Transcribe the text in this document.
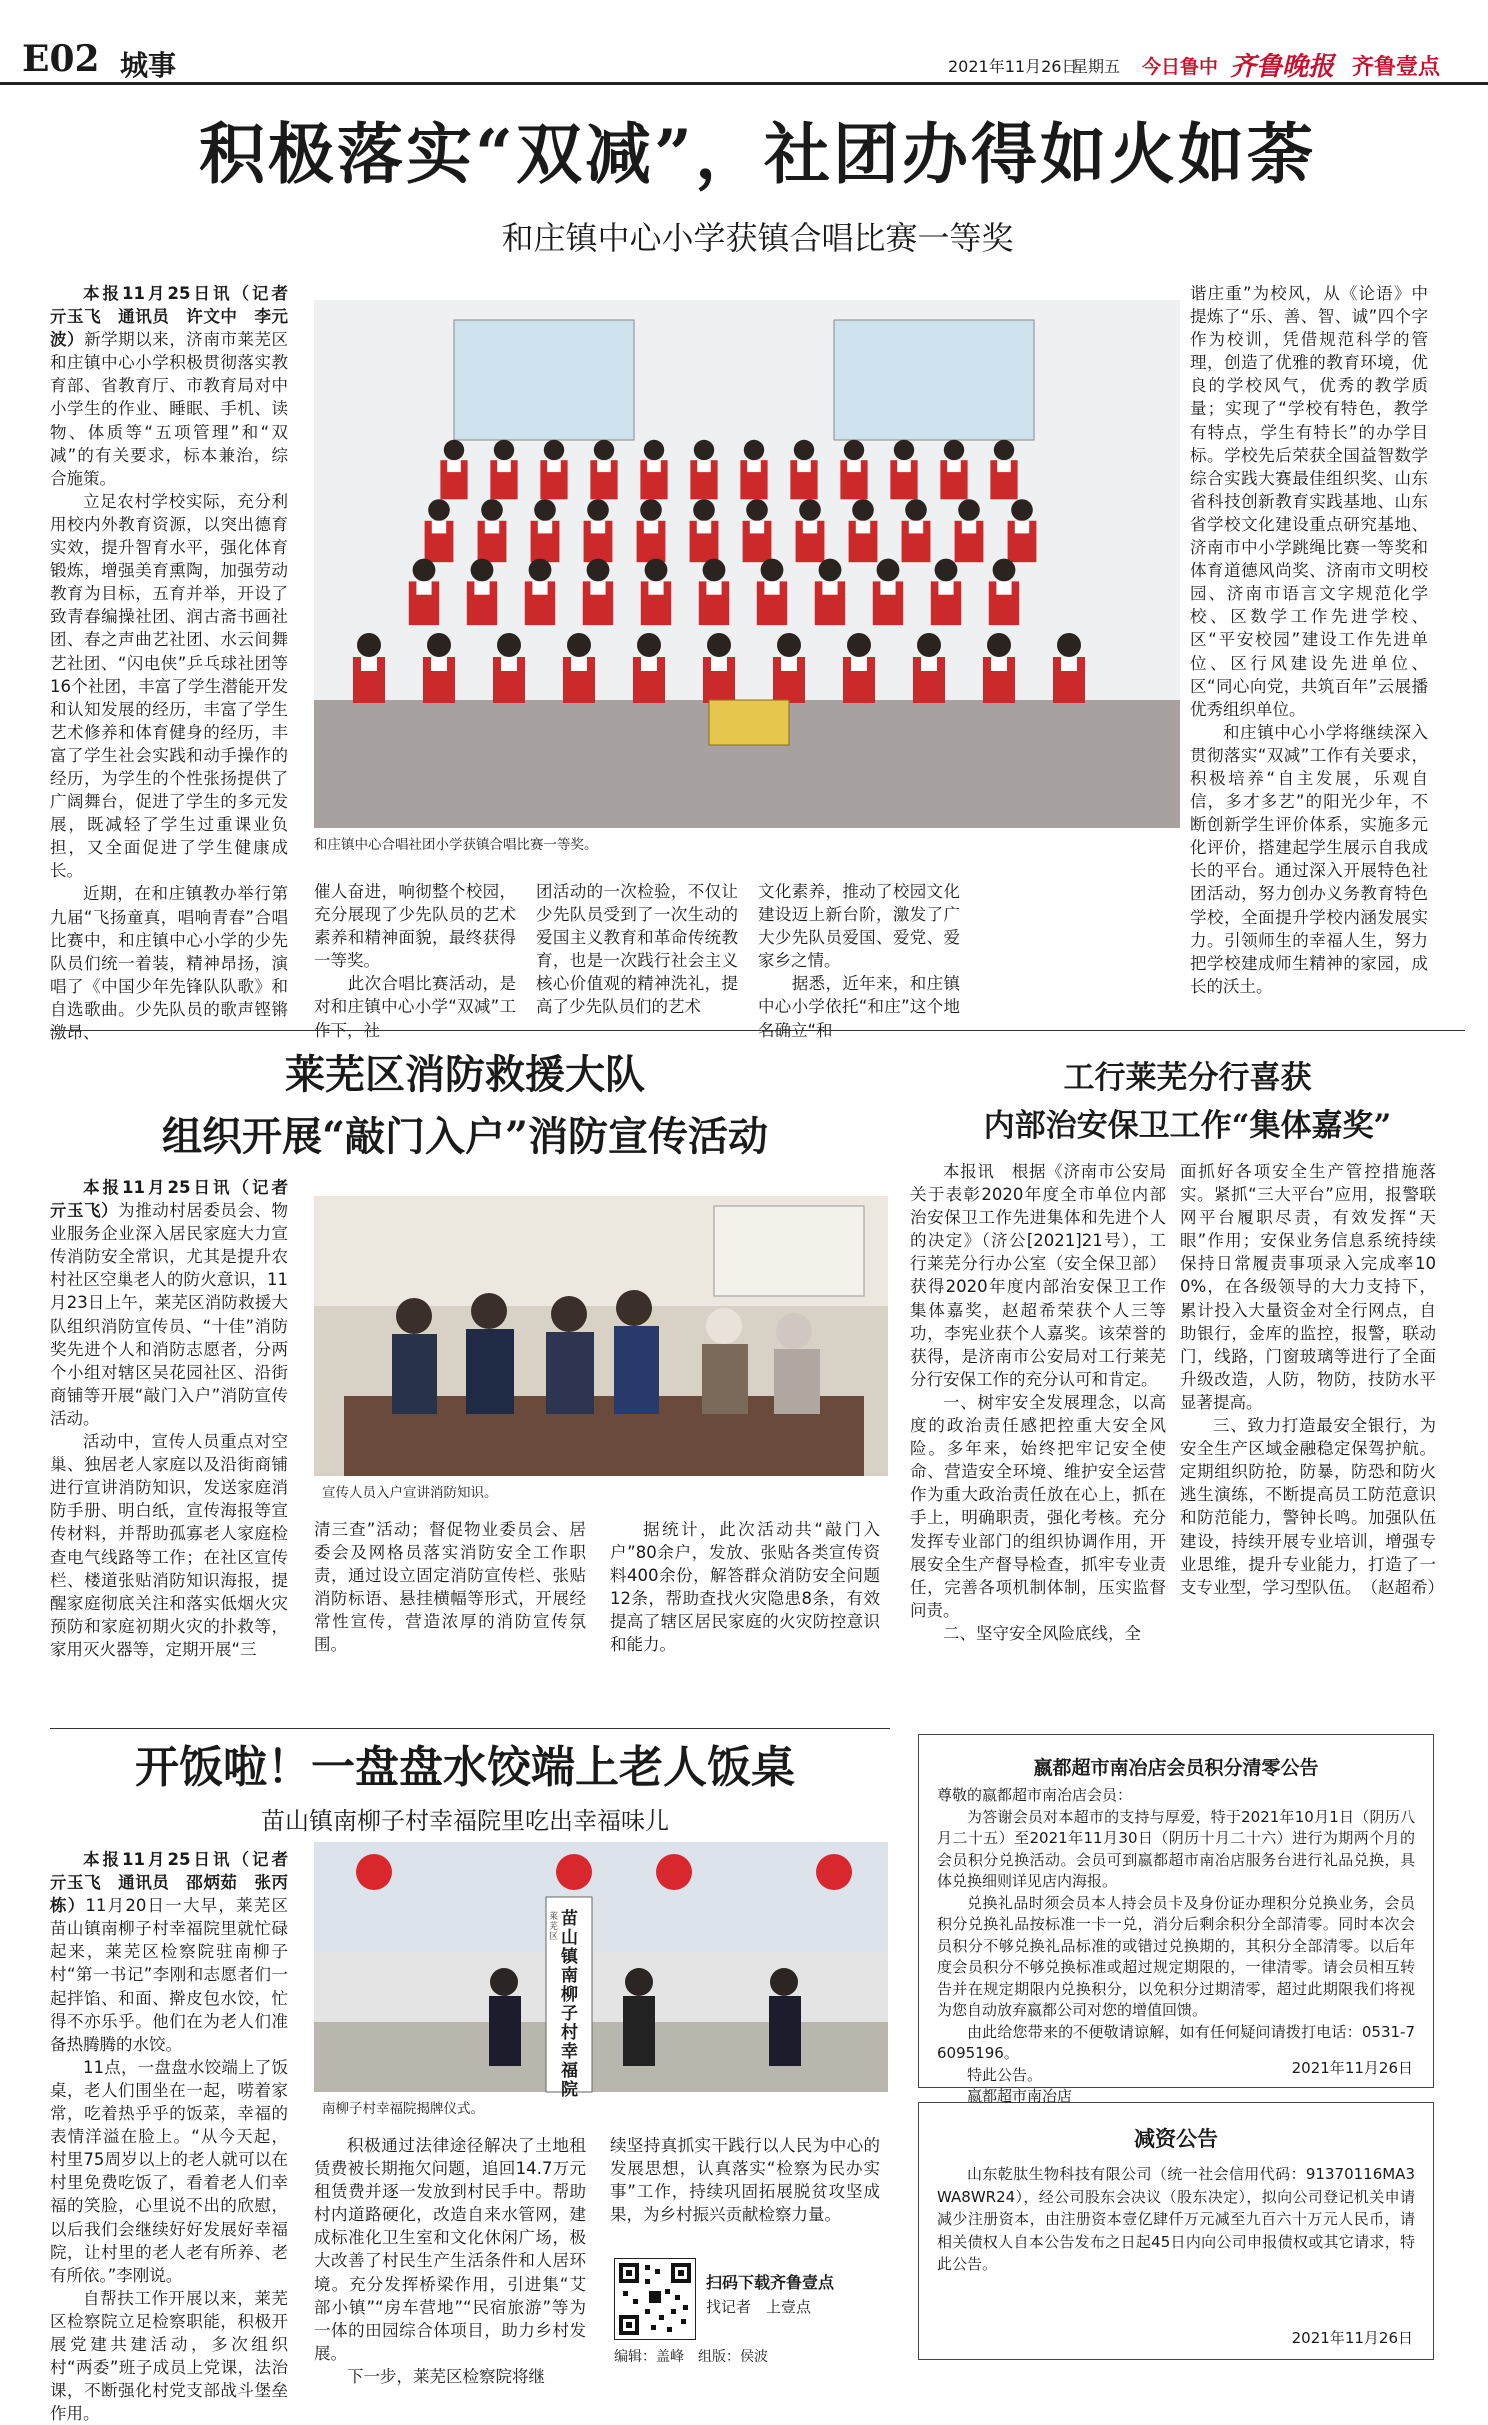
E02 城事	2021年11月26日
星期五 今日鲁中 齐鲁晚报 齐鲁壹点
积极落实“双减”，社团办得如火如荼
和庄镇中心小学获镇合唱比赛一等奖

本报11月25日讯（记者　亓玉飞　通讯员　许文中　李元波）新学期以来，济南市莱芜区和庄镇中心小学积极贯彻落实教育部、省教育厅、市教育局对中小学生的作业、睡眠、手机、读物、体质等“五项管理”和“双减”的有关要求，标本兼治，综合施策。

立足农村学校实际，充分利用校内外教育资源，以突出德育实效，提升智育水平，强化体育锻炼，增强美育熏陶，加强劳动教育为目标，五育并举，开设了致青春编操社团、润古斋书画社团、春之声曲艺社团、水云间舞艺社团、“闪电侠”乒乓球社团等16个社团，丰富了学生潜能开发和认知发展的经历，丰富了学生艺术修养和体育健身的经历，丰富了学生社会实践和动手操作的经历，为学生的个性张扬提供了广阔舞台，促进了学生的多元发展，既减轻了学生过重课业负担，又全面促进了学生健康成长。

近期，在和庄镇教办举行第九届“飞扬童真，唱响青春”合唱比赛中，和庄镇中心小学的少先队员们统一着装，精神昂扬，演唱了《中国少年先锋队队歌》和自选歌曲。少先队员的歌声铿锵激昂、

和庄镇中心合唱社团小学获镇合唱比赛一等奖。
催人奋进，响彻整个校园，充分展现了少先队员的艺术素养和精神面貌，最终获得一等奖。
　　此次合唱比赛活动，是对和庄镇中心小学“双减”工作下，社
团活动的一次检验，不仅让少先队员受到了一次生动的爱国主义教育和革命传统教育，也是一次践行社会主义核心价值观的精神洗礼，提高了少先队员们的艺术
文化素养，推动了校园文化建设迈上新台阶，激发了广大少先队员爱国、爱党、爱家乡之情。
　　据悉，近年来，和庄镇中心小学依托“和庄”这个地名确立“和

谐庄重”为校风，从《论语》中提炼了“乐、善、智、诚”四个字作为校训，凭借规范科学的管理，创造了优雅的教育环境，优良的学校风气，优秀的教学质量；实现了“学校有特色，教学有特点，学生有特长”的办学目标。学校先后荣获全国益智数学综合实践大赛最佳组织奖、山东省科技创新教育实践基地、山东省学校文化建设重点研究基地、济南市中小学跳绳比赛一等奖和体育道德风尚奖、济南市文明校园、济南市语言文字规范化学校、区数学工作先进学校、区“平安校园”建设工作先进单位、区行风建设先进单位、区“同心向党，共筑百年”云展播优秀组织单位。

和庄镇中心小学将继续深入贯彻落实“双减”工作有关要求，积极培养“自主发展，乐观自信，多才多艺”的阳光少年，不断创新学生评价体系，实施多元化评价，搭建起学生展示自我成长的平台。通过深入开展特色社团活动，努力创办义务教育特色学校，全面提升学校内涵发展实力。引领师生的幸福人生，努力把学校建成师生精神的家园，成长的沃土。

莱芜区消防救援大队
组织开展“敲门入户”消防宣传活动

本报11月25日讯（记者　亓玉飞）为推动村居委员会、物业服务企业深入居民家庭大力宣传消防安全常识，尤其是提升农村社区空巢老人的防火意识，11月23日上午，莱芜区消防救援大队组织消防宣传员、“十佳”消防奖先进个人和消防志愿者，分两个小组对辖区吴花园社区、沿街商铺等开展“敲门入户”消防宣传活动。

活动中，宣传人员重点对空巢、独居老人家庭以及沿街商铺进行宣讲消防知识，发送家庭消防手册、明白纸，宣传海报等宣传材料，并帮助孤寡老人家庭检查电气线路等工作；在社区宣传栏、楼道张贴消防知识海报，提醒家庭彻底关注和落实低烟火灾预防和家庭初期火灾的扑救等，家用灭火器等，定期开展“三

宣传人员入户宣讲消防知识。
清三查”活动；督促物业委员会、居委会及网格员落实消防安全工作职责，通过设立固定消防宣传栏、张贴消防标语、悬挂横幅等形式，开展经常性宣传，营造浓厚的消防宣传氛围。

据统计，此次活动共“敲门入户”80余户，发放、张贴各类宣传资料400余份，解答群众消防安全问题12条，帮助查找火灾隐患8条，有效提高了辖区居民家庭的火灾防控意识和能力。

工行莱芜分行喜获
内部治安保卫工作“集体嘉奖”

本报讯　根据《济南市公安局关于表彰2020年度全市单位内部治安保卫工作先进集体和先进个人的决定》（济公[2021]21号），工行莱芜分行办公室（安全保卫部）获得2020年度内部治安保卫工作集体嘉奖，赵超希荣获个人三等功，李宪业获个人嘉奖。该荣誉的获得，是济南市公安局对工行莱芜分行安保工作的充分认可和肯定。

一、树牢安全发展理念，以高度的政治责任感把控重大安全风险。多年来，始终把牢记安全使命、营造安全环境、维护安全运营作为重大政治责任放在心上，抓在手上，明确职责，强化考核。充分发挥专业部门的组织协调作用，开展安全生产督导检查，抓牢专业责任，完善各项机制体制，压实监督问责。

二、坚守安全风险底线，全

面抓好各项安全生产管控措施落实。紧抓“三大平台”应用，报警联网平台履职尽责，有效发挥“天眼”作用；安保业务信息系统持续保持日常履责事项录入完成率100%，在各级领导的大力支持下，累计投入大量资金对全行网点，自助银行，金库的监控，报警，联动门，线路，门窗玻璃等进行了全面升级改造，人防，物防，技防水平显著提高。

三、致力打造最安全银行，为安全生产区域金融稳定保驾护航。定期组织防抢，防暴，防恐和防火逃生演练，不断提高员工防范意识和防范能力，警钟长鸣。加强队伍建设，持续开展专业培训，增强专业思维，提升专业能力，打造了一支专业型，学习型队伍。　（赵超希）

开饭啦！一盘盘水饺端上老人饭桌
苗山镇南柳子村幸福院里吃出幸福味儿

本报11月25日讯（记者　亓玉飞　通讯员　邵炳茹　张丙栋）11月20日一大早，莱芜区苗山镇南柳子村幸福院里就忙碌起来，莱芜区检察院驻南柳子村“第一书记”李刚和志愿者们一起拌馅、和面、擀皮包水饺，忙得不亦乐乎。他们在为老人们准备热腾腾的水饺。

11点，一盘盘水饺端上了饭桌，老人们围坐在一起，唠着家常，吃着热乎乎的饭菜，幸福的表情洋溢在脸上。“从今天起，村里75周岁以上的老人就可以在村里免费吃饭了，看着老人们幸福的笑脸，心里说不出的欣慰，以后我们会继续好好发展好幸福院，让村里的老人老有所养、老有所依。”李刚说。

自帮扶工作开展以来，莱芜区检察院立足检察职能，积极开展党建共建活动，多次组织村“两委”班子成员上党课，法治课，不断强化村党支部战斗堡垒作用。

苗山镇南柳子村幸福院
莱芜区
南柳子村幸福院揭牌仪式。

积极通过法律途径解决了土地租赁费被长期拖欠问题，追回14.7万元租赁费并逐一发放到村民手中。帮助村内道路硬化，改造自来水管网，建成标准化卫生室和文化休闲广场，极大改善了村民生产生活条件和人居环境。充分发挥桥梁作用，引进集“艾部小镇”“房车营地”“民宿旅游”等为一体的田园综合体项目，助力乡村发展。
　　下一步，莱芜区检察院将继

续坚持真抓实干践行以人民为中心的发展思想，认真落实“检察为民办实事”工作，持续巩固拓展脱贫攻坚成果，为乡村振兴贡献检察力量。

扫码下载齐鲁壹点
找记者　上壹点
编辑：盖峰　组版：侯波
嬴都超市南冶店会员积分清零公告
尊敬的嬴都超市南冶店会员：
为答谢会员对本超市的支持与厚爱，特于2021年10月1日（阴历八月二十五）至2021年11月30日（阴历十月二十六）进行为期两个月的会员积分兑换活动。会员可到嬴都超市南冶店服务台进行礼品兑换，具体兑换细则详见店内海报。
兑换礼品时须会员本人持会员卡及身份证办理积分兑换业务，会员积分兑换礼品按标准一卡一兑，消分后剩余积分全部清零。同时本次会员积分不够兑换礼品标准的或错过兑换期的，其积分全部清零。以后年度会员积分不够兑换标准或超过规定期限的，一律清零。请会员相互转告并在规定期限内兑换积分，以免积分过期清零，超过此期限我们将视为您自动放弃嬴都公司对您的增值回馈。
由此给您带来的不便敬请谅解，如有任何疑问请拨打电话：0531-76095196。
特此公告。
嬴都超市南冶店
2021年11月26日
减资公告
山东乾肽生物科技有限公司（统一社会信用代码：91370116MA3WA8WR24），经公司股东会决议（股东决定），拟向公司登记机关申请减少注册资本，由注册资本壹亿肆仟万元减至九百六十万元人民币，请相关债权人自本公告发布之日起45日内向公司申报债权或其它请求，特此公告。
2021年11月26日
